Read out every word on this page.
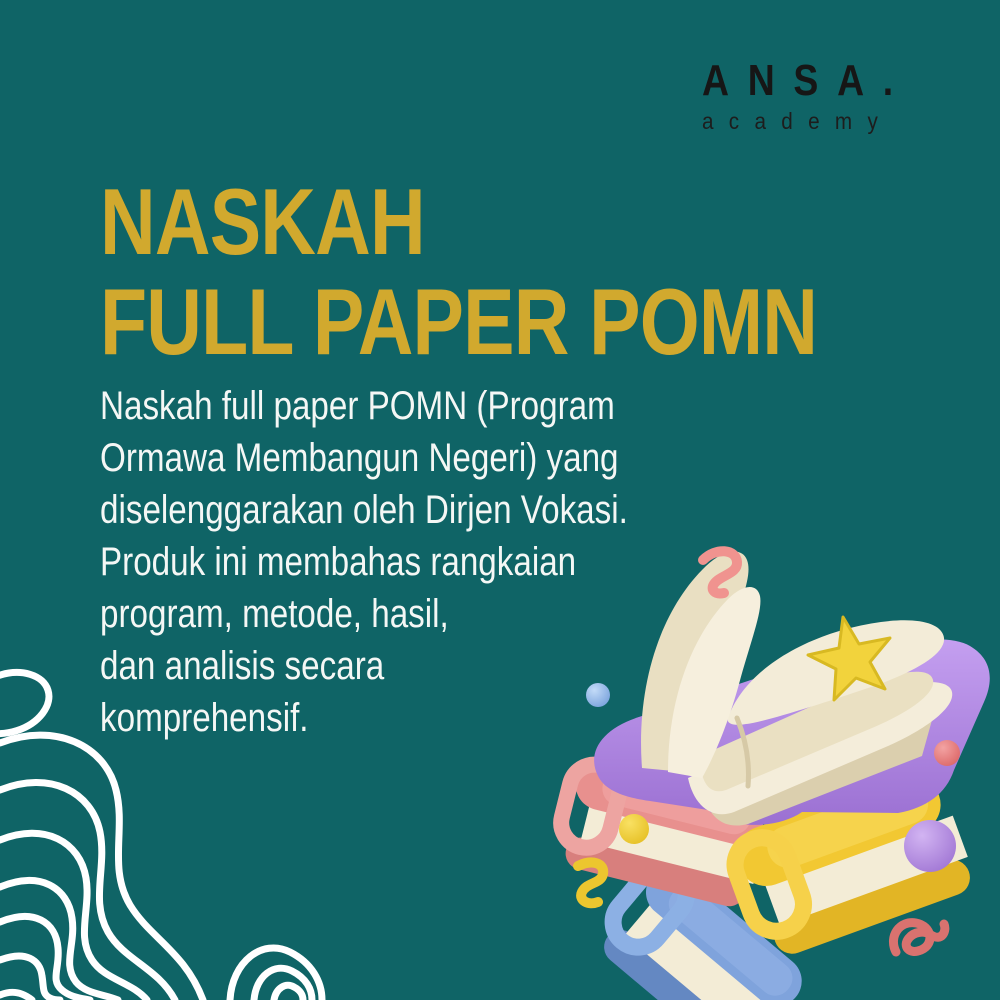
ANSA.
academy
NASKAH
FULL PAPER POMN
Naskah full paper POMN (Program
Ormawa Membangun Negeri) yang
diselenggarakan oleh Dirjen Vokasi.
Produk ini membahas rangkaian
program, metode, hasil,
dan analisis secara
komprehensif.
